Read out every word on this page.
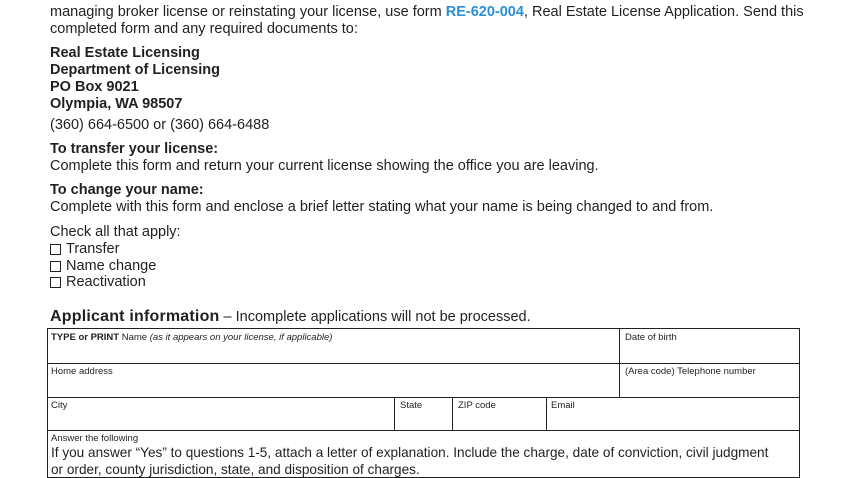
managing broker license or reinstating your license, use form RE-620-004, Real Estate License Application. Send this
completed form and any required documents to:
Real Estate Licensing
Department of Licensing
PO Box 9021
Olympia, WA 98507
(360) 664-6500 or (360) 664-6488
To transfer your license:
Complete this form and return your current license showing the office you are leaving.
To change your name:
Complete with this form and enclose a brief letter stating what your name is being changed to and from.
Check all that apply:
Transfer
Name change
Reactivation
Applicant information – Incomplete applications will not be processed.
TYPE or PRINT Name (as it appears on your license, if applicable)	Date of birth
Home address	(Area code) Telephone number
City	State	ZIP code	Email
Answer the following
If you answer “Yes” to questions 1-5, attach a letter of explanation. Include the charge, date of conviction, civil judgment
or order, county jurisdiction, state, and disposition of charges.
